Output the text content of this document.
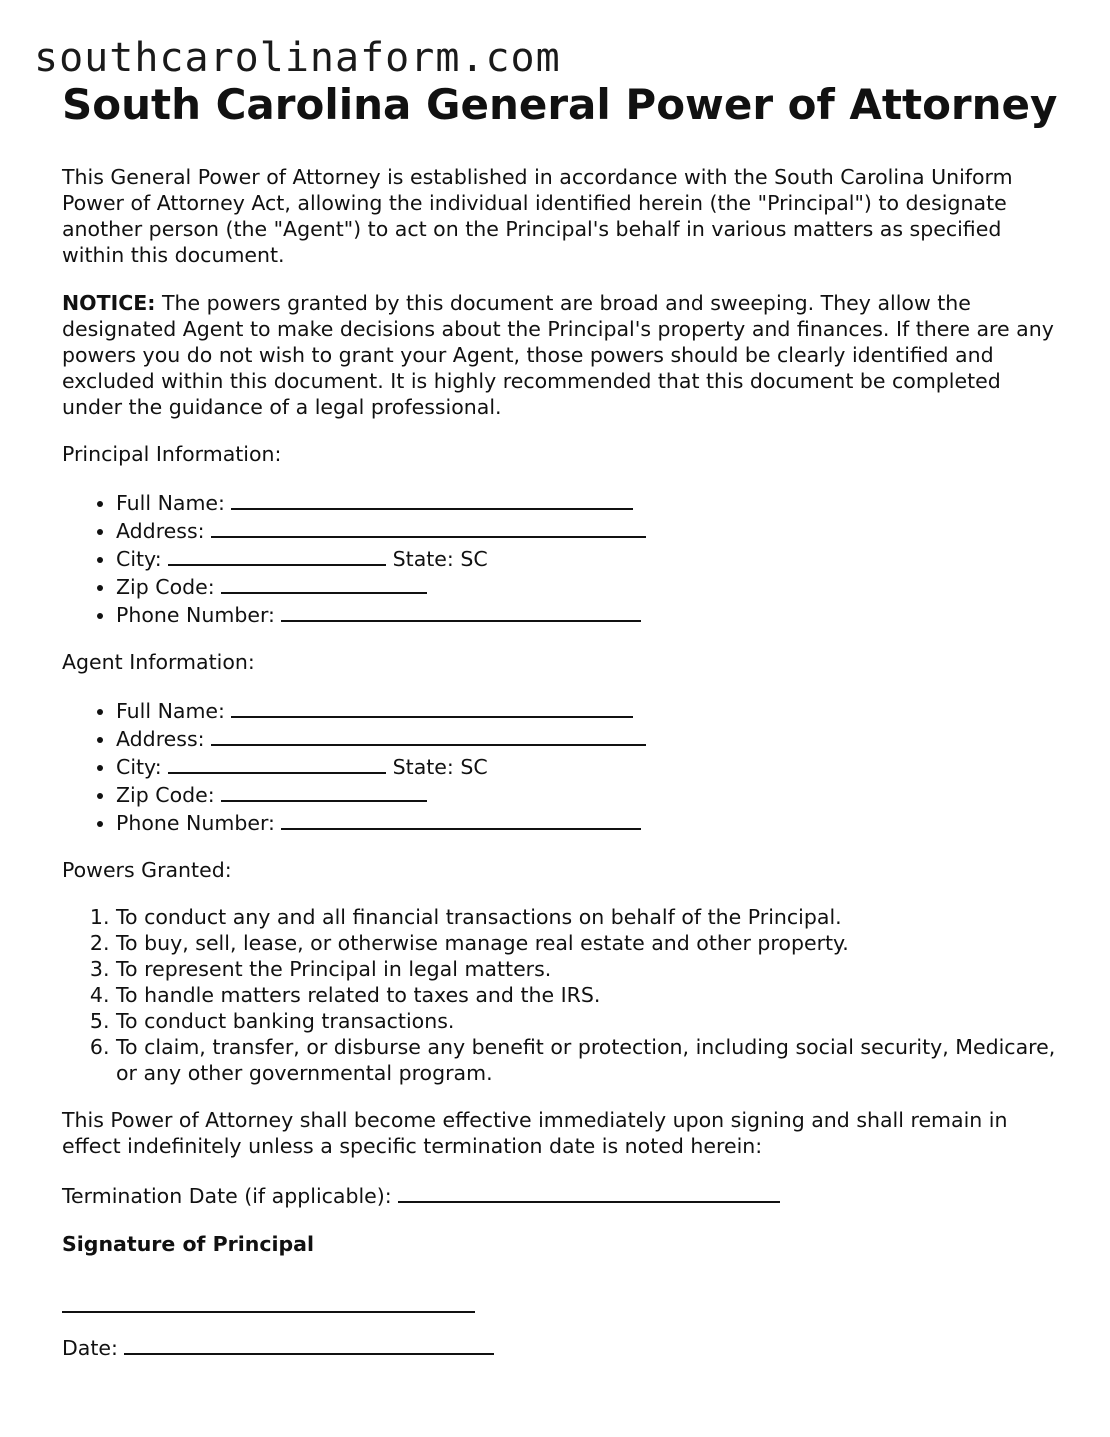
southcarolinaform.com
South Carolina General Power of Attorney

This General Power of Attorney is established in accordance with the South Carolina Uniform Power of Attorney Act, allowing the individual identified herein (the "Principal") to designate another person (the "Agent") to act on the Principal's behalf in various matters as specified within this document.

NOTICE: The powers granted by this document are broad and sweeping. They allow the designated Agent to make decisions about the Principal's property and finances. If there are any powers you do not wish to grant your Agent, those powers should be clearly identified and excluded within this document. It is highly recommended that this document be completed under the guidance of a legal professional.

Principal Information:

• Full Name:
• Address:
• City:	State: SC
• Zip Code:
• Phone Number:

Agent Information:

• Full Name:
• Address:
• City:	State: SC
• Zip Code:
• Phone Number:

Powers Granted:

1. To conduct any and all financial transactions on behalf of the Principal.
2. To buy, sell, lease, or otherwise manage real estate and other property.
3. To represent the Principal in legal matters.
4. To handle matters related to taxes and the IRS.
5. To conduct banking transactions.
6. To claim, transfer, or disburse any benefit or protection, including social security, Medicare, or any other governmental program.

This Power of Attorney shall become effective immediately upon signing and shall remain in effect indefinitely unless a specific termination date is noted herein:

Termination Date (if applicable):

Signature of Principal

Date:
